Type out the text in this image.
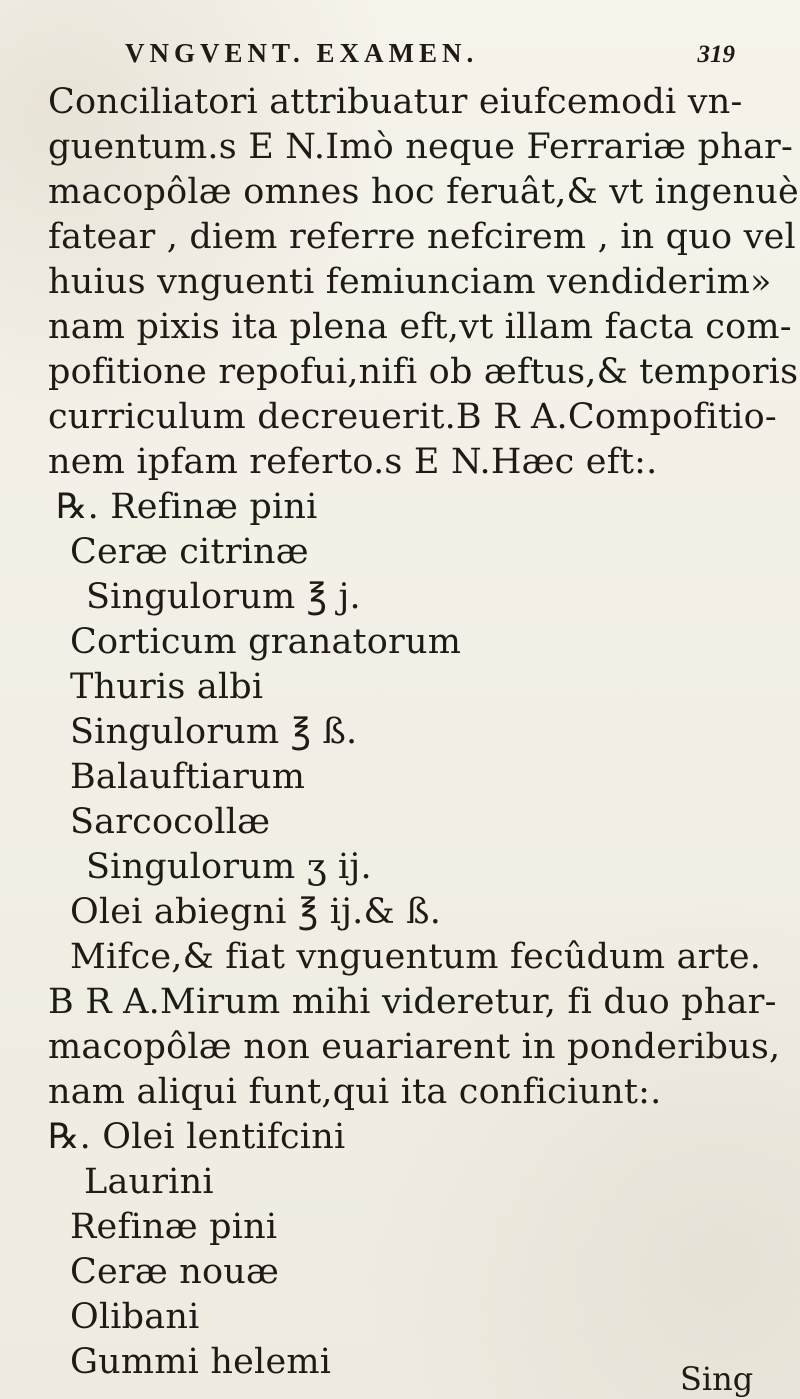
VNGVENT. EXAMEN.	319
Conciliatori attribuatur eiufcemodi vn-
guentum.s E N.Imò neque Ferrariæ phar-
macopôlæ omnes hoc feruât,& vt ingenuè
fatear , diem referre nefcirem , in quo vel
huius vnguenti femiunciam vendiderim»
nam pixis ita plena eft,vt illam facta com-
pofitione repofui,nifi ob æftus,& temporis
curriculum decreuerit.B R A.Compofitio-
nem ipfam referto.s E N.Hæc eft:.
℞. Refinæ pini
Ceræ citrinæ
Singulorum ℥ j.
Corticum granatorum
Thuris albi
Singulorum ℥ ß.
Balauftiarum
Sarcocollæ
Singulorum ʒ ij.
Olei abiegni ℥ ij.& ß.
Mifce,& fiat vnguentum fecûdum arte.
B R A.Mirum mihi videretur, fi duo phar-
macopôlæ non euariarent in ponderibus,
nam aliqui funt,qui ita conficiunt:.
℞. Olei lentifcini
Laurini
Refinæ pini
Ceræ nouæ
Olibani
Gummi helemi	Sing
